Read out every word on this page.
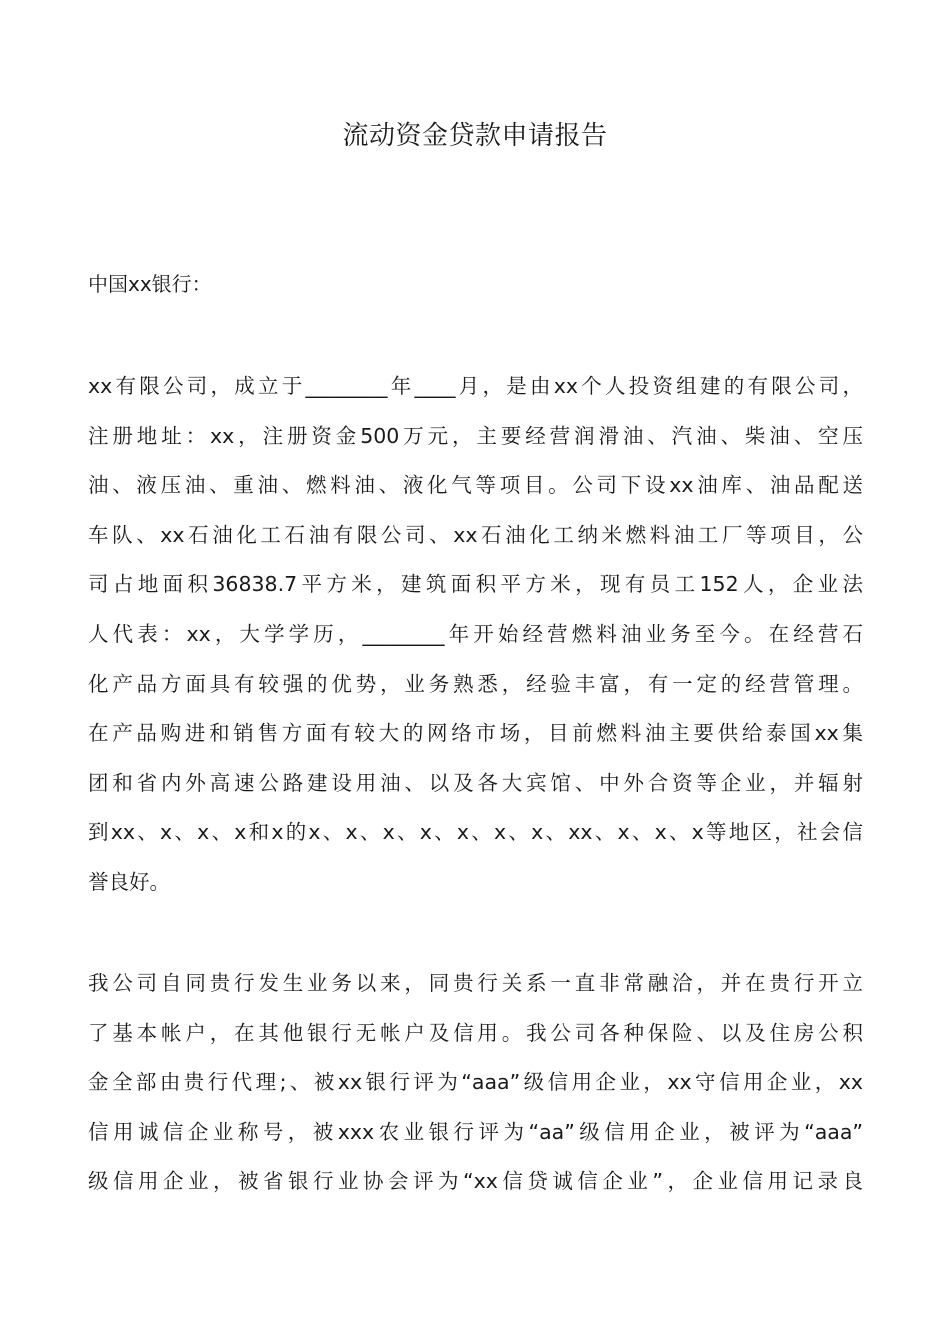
流动资金贷款申请报告
中国xx银行：
xx有限公司，成立于________年____月，是由xx个人投资组建的有限公司，
注册地址：xx，注册资金500万元，主要经营润滑油、汽油、柴油、空压
油、液压油、重油、燃料油、液化气等项目。公司下设xx油库、油品配送
车队、xx石油化工石油有限公司、xx石油化工纳米燃料油工厂等项目，公
司占地面积36838.7平方米，建筑面积平方米，现有员工152人，企业法
人代表：xx，大学学历，________年开始经营燃料油业务至今。在经营石
化产品方面具有较强的优势，业务熟悉，经验丰富，有一定的经营管理。
在产品购进和销售方面有较大的网络市场，目前燃料油主要供给泰国xx集
团和省内外高速公路建设用油、以及各大宾馆、中外合资等企业，并辐射
到xx、x、x、x和x的x、x、x、x、x、x、x、xx、x、x、x等地区，社会信
誉良好。
我公司自同贵行发生业务以来，同贵行关系一直非常融洽，并在贵行开立
了基本帐户，在其他银行无帐户及信用。我公司各种保险、以及住房公积
金全部由贵行代理;、被xx银行评为“aaa”级信用企业，xx守信用企业，xx
信用诚信企业称号，被xxx农业银行评为“aa”级信用企业，被评为“aaa”
级信用企业，被省银行业协会评为“xx信贷诚信企业”，企业信用记录良
